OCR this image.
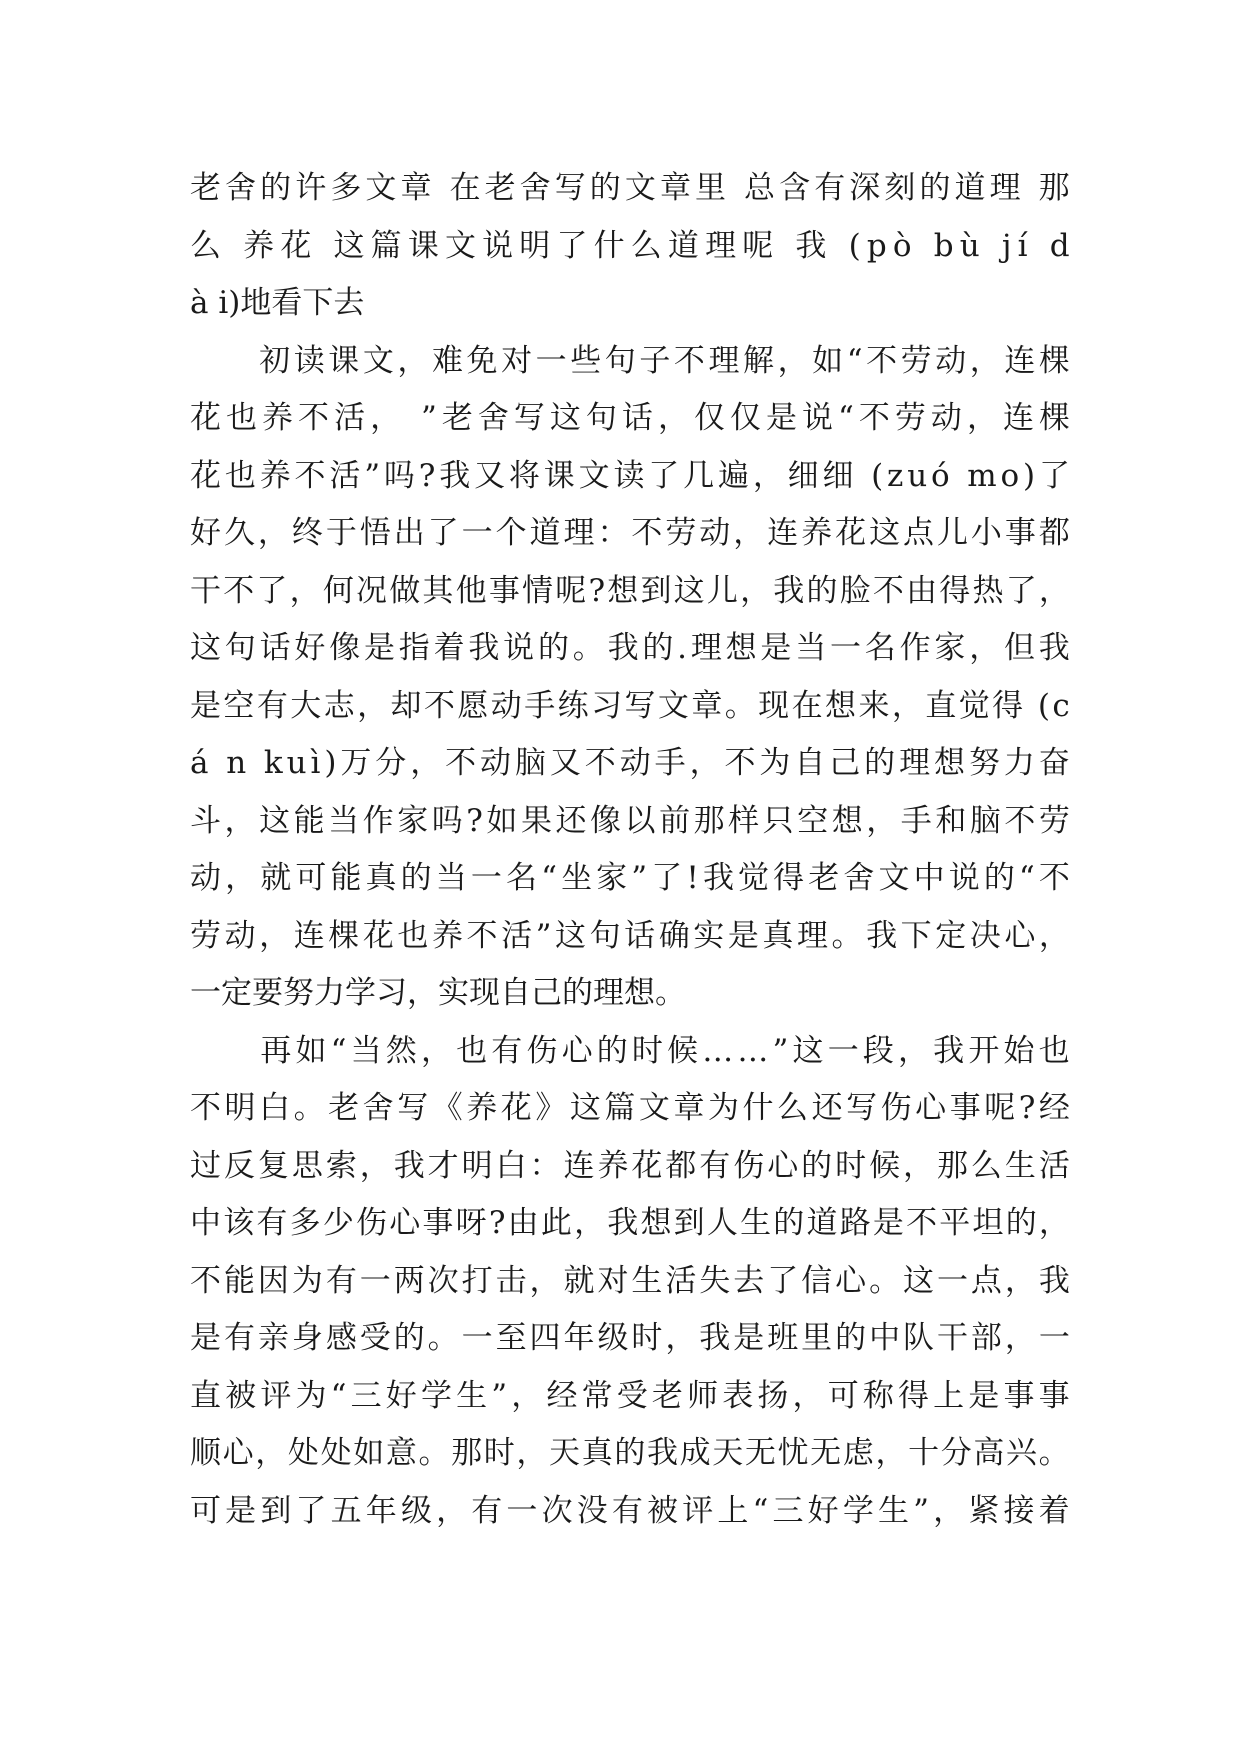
老 舍 的 许 多 文 章
在 老 舍 写 的 文 章 里
总 含 有 深 刻 的 道 理
那
么
养 花
这 篇 课 文 说 明 了 什 么 道 理 呢
我
( p ò
b ù
j í
d
à i)地看下去

初 读 课 文 ， 难 免 对 一 些 句 子 不 理 解 ， 如 “ 不 劳 动 ， 连 棵
花 也 养 不 活 ，
” 老 舍 写 这 句 话 ， 仅 仅 是 说 “ 不 劳 动 ， 连 棵
花 也 养 不 活 ” 吗 ? 我 又 将 课 文 读 了 几 遍 ， 细 细
( z u ó
m o ) 了
好 久 ， 终 于 悟 出 了 一 个 道 理 ： 不 劳 动 ， 连 养 花 这 点 儿 小 事 都
干 不 了 ， 何 况 做 其 他 事 情 呢 ? 想 到 这 儿 ， 我 的 脸 不 由 得 热 了 ，
这 句 话 好 像 是 指 着 我 说 的 。 我 的 . 理 想 是 当 一 名 作 家 ， 但 我
是 空 有 大 志 ， 却 不 愿 动 手 练 习 写 文 章 。 现 在 想 来 ， 直 觉 得
( c
á
n
k u ì ) 万 分 ， 不 动 脑 又 不 动 手 ， 不 为 自 己 的 理 想 努 力 奋
斗 ， 这 能 当 作 家 吗 ? 如 果 还 像 以 前 那 样 只 空 想 ， 手 和 脑 不 劳
动 ， 就 可 能 真 的 当 一 名 “ 坐 家 ” 了 ! 我 觉 得 老 舍 文 中 说 的 “ 不
劳 动 ， 连 棵 花 也 养 不 活 ” 这 句 话 确 实 是 真 理 。 我 下 定 决 心 ，
一定要努力学习，实现自己的理想。

再 如 “ 当 然 ， 也 有 伤 心 的 时 候 … … ” 这 一 段 ， 我 开 始 也
不 明 白 。 老 舍 写 《 养 花 》 这 篇 文 章 为 什 么 还 写 伤 心 事 呢 ? 经
过 反 复 思 索 ， 我 才 明 白 ： 连 养 花 都 有 伤 心 的 时 候 ， 那 么 生 活
中 该 有 多 少 伤 心 事 呀 ? 由 此 ， 我 想 到 人 生 的 道 路 是 不 平 坦 的 ，
不 能 因 为 有 一 两 次 打 击 ， 就 对 生 活 失 去 了 信 心 。 这 一 点 ， 我
是 有 亲 身 感 受 的 。 一 至 四 年 级 时 ， 我 是 班 里 的 中 队 干 部 ， 一
直 被 评 为 “ 三 好 学 生 ” ， 经 常 受 老 师 表 扬 ， 可 称 得 上 是 事 事
顺 心 ， 处 处 如 意 。 那 时 ， 天 真 的 我 成 天 无 忧 无 虑 ， 十 分 高 兴 。
可 是 到 了 五 年 级 ， 有 一 次 没 有 被 评 上 “ 三 好 学 生 ” ， 紧 接 着
